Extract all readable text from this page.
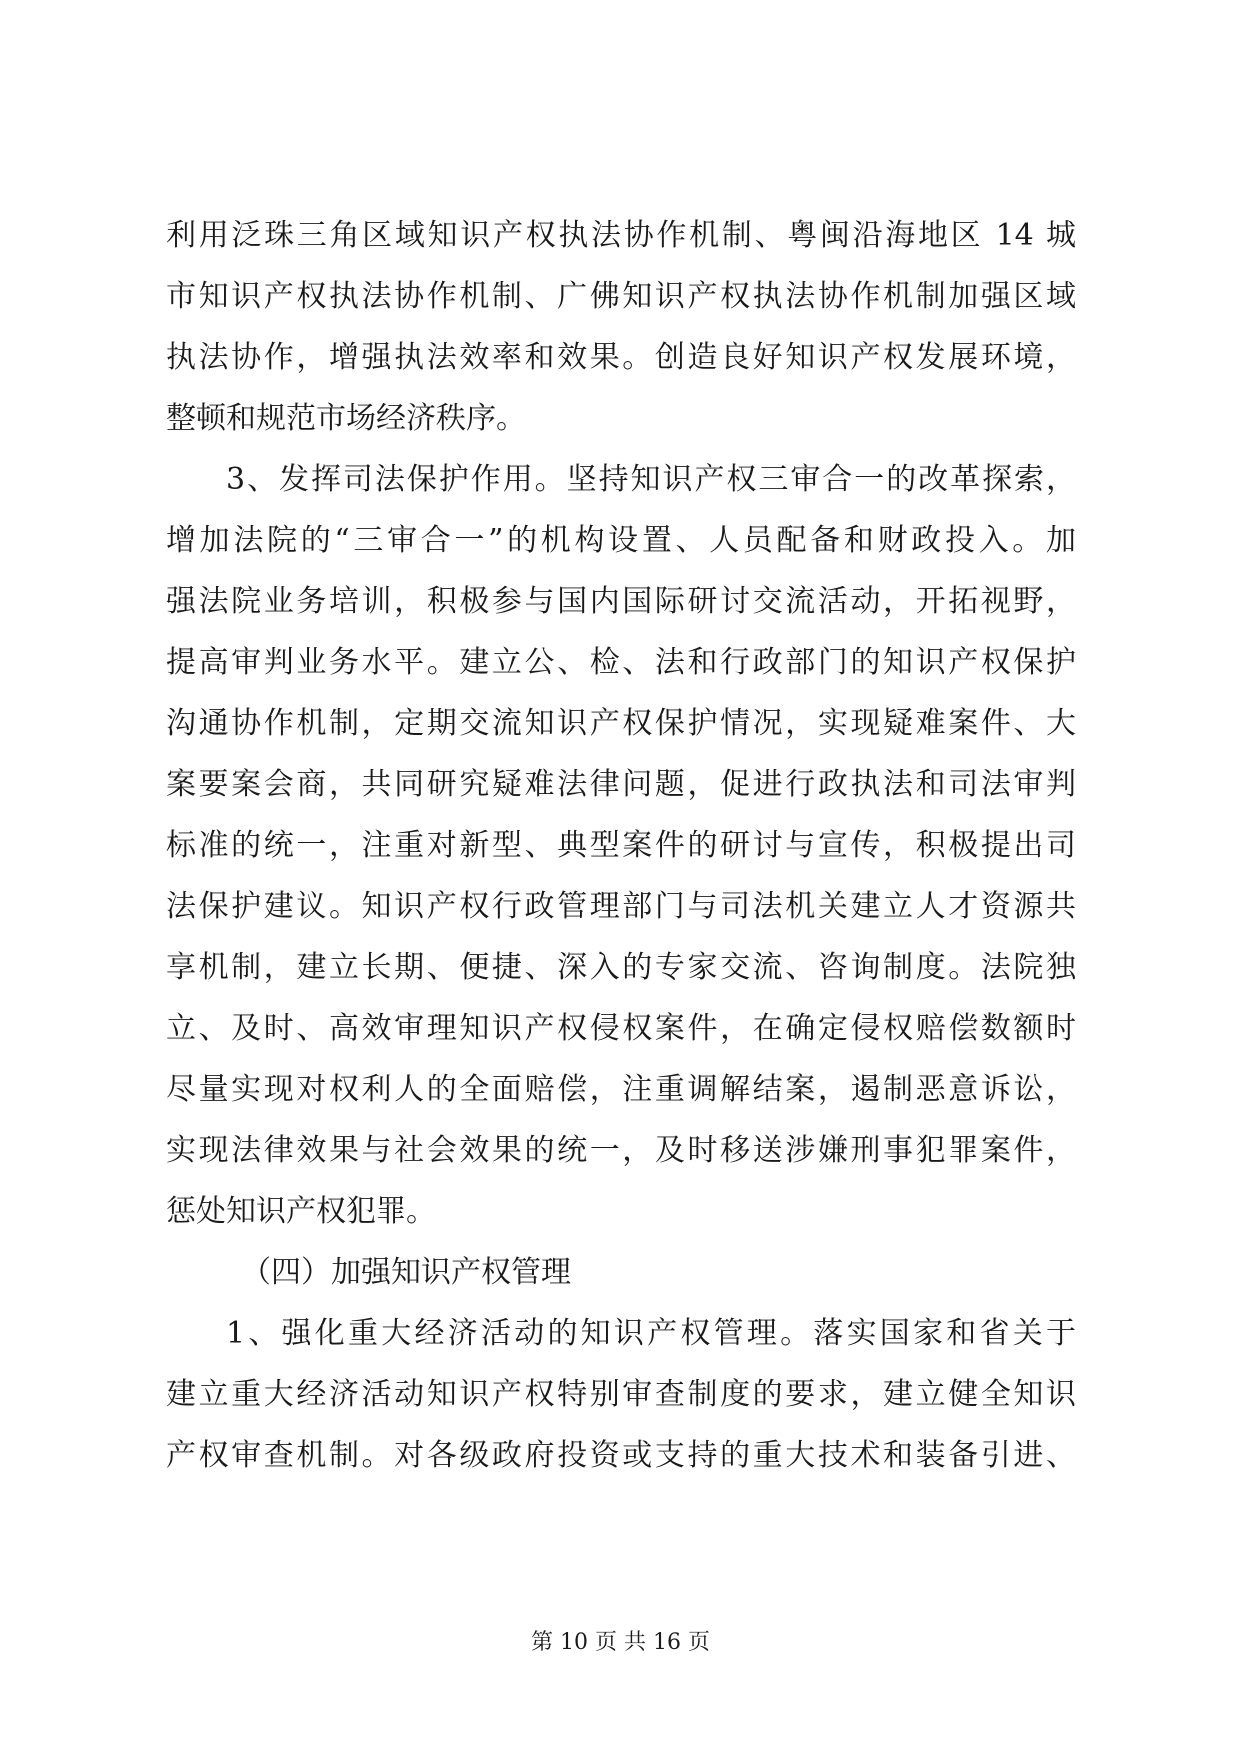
利用泛珠三角区域知识产权执法协作机制、粤闽沿海地区 14 城
市知识产权执法协作机制、广佛知识产权执法协作机制加强区域
执法协作，增强执法效率和效果。创造良好知识产权发展环境，
整顿和规范市场经济秩序。
3、发挥司法保护作用。坚持知识产权三审合一的改革探索，
增加法院的“三审合一”的机构设置、人员配备和财政投入。加
强法院业务培训，积极参与国内国际研讨交流活动，开拓视野，
提高审判业务水平。建立公、检、法和行政部门的知识产权保护
沟通协作机制，定期交流知识产权保护情况，实现疑难案件、大
案要案会商，共同研究疑难法律问题，促进行政执法和司法审判
标准的统一，注重对新型、典型案件的研讨与宣传，积极提出司
法保护建议。知识产权行政管理部门与司法机关建立人才资源共
享机制，建立长期、便捷、深入的专家交流、咨询制度。法院独
立、及时、高效审理知识产权侵权案件，在确定侵权赔偿数额时
尽量实现对权利人的全面赔偿，注重调解结案，遏制恶意诉讼，
实现法律效果与社会效果的统一，及时移送涉嫌刑事犯罪案件，
惩处知识产权犯罪。
（四）加强知识产权管理
1、强化重大经济活动的知识产权管理。落实国家和省关于
建立重大经济活动知识产权特别审查制度的要求，建立健全知识
产权审查机制。对各级政府投资或支持的重大技术和装备引进、
第 10 页 共 16 页
